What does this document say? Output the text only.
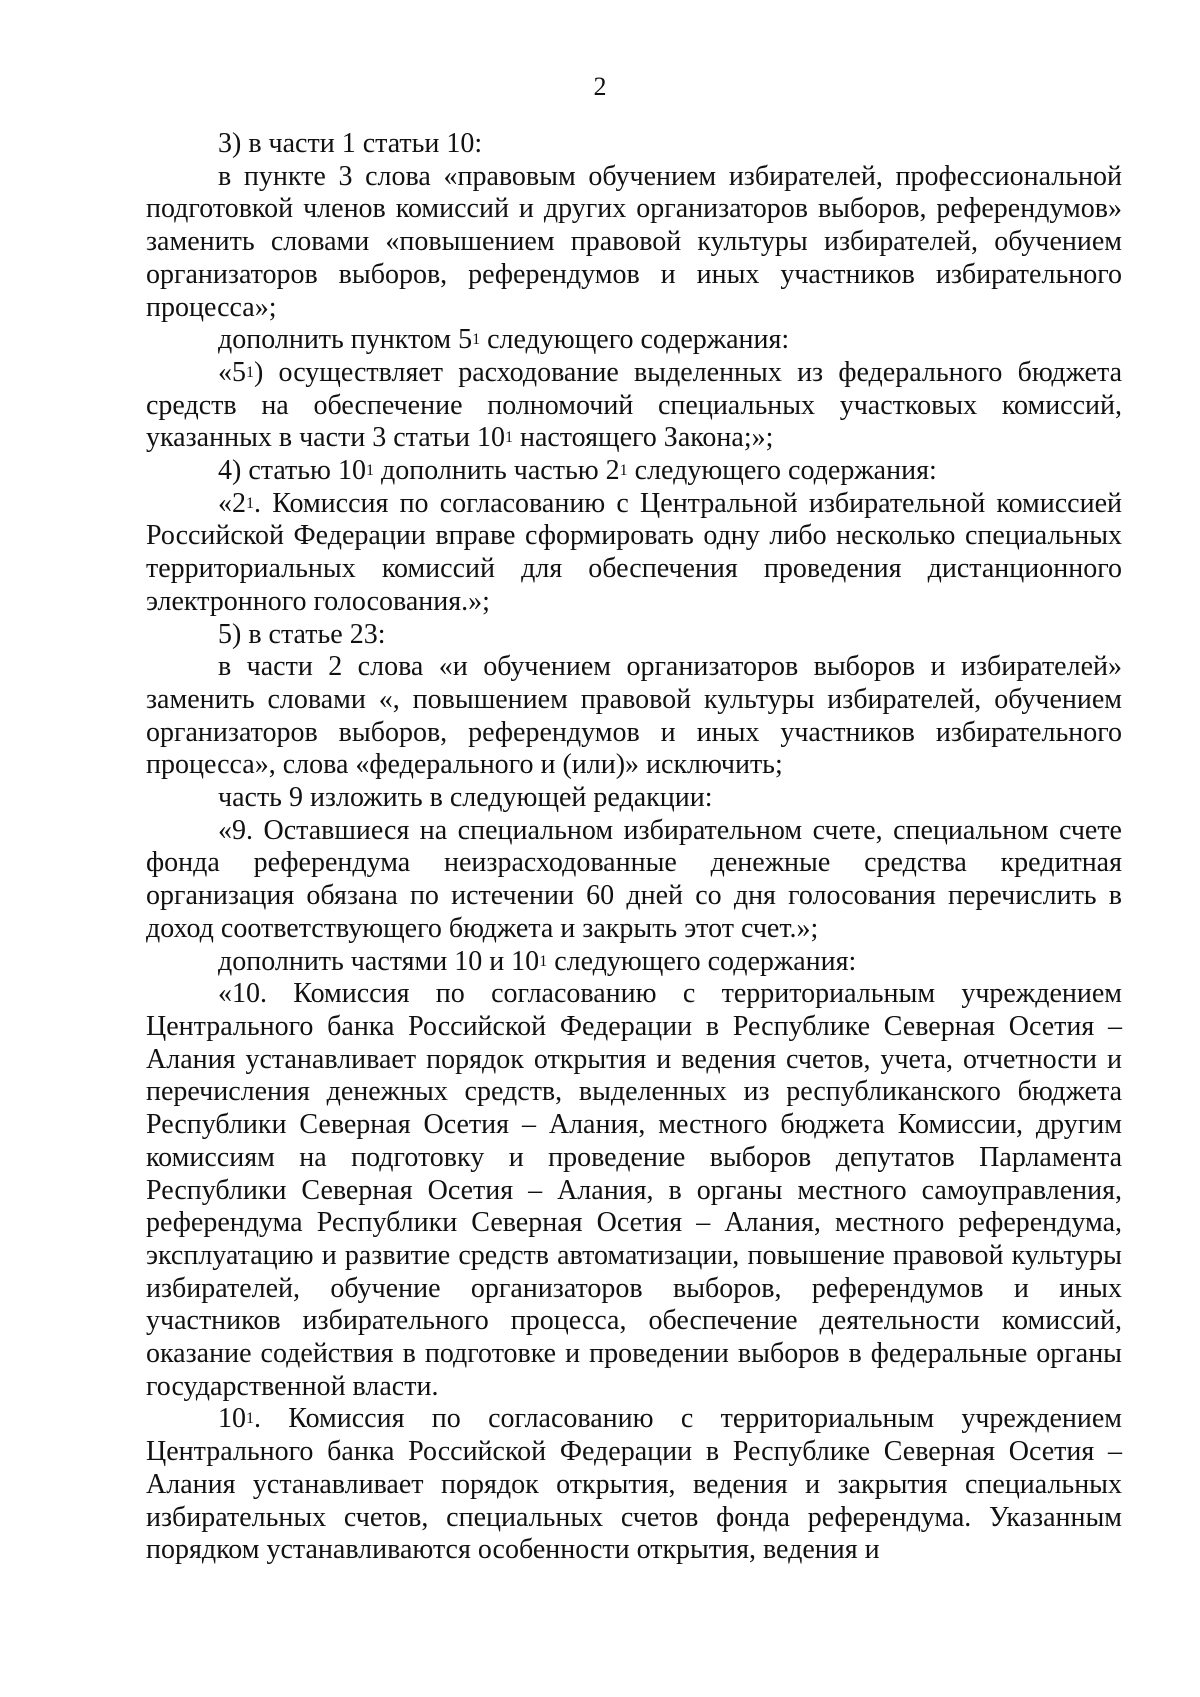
2

3) в части 1 статьи 10:

в пункте 3 слова «правовым обучением избирателей, профессиональной подготовкой членов комиссий и других организаторов выборов, референдумов» заменить словами «повышением правовой культуры избирателей, обучением организаторов выборов, референдумов и иных участников избирательного процесса»;

дополнить пунктом $5^1$ следующего содержания:

«$5^1$) осуществляет расходование выделенных из федерального бюджета средств на обеспечение полномочий специальных участковых комиссий, указанных в части 3 статьи $10^1$ настоящего Закона;»;

4) статью $10^1$ дополнить частью $2^1$ следующего содержания:

«$2^1$. Комиссия по согласованию с Центральной избирательной комиссией Российской Федерации вправе сформировать одну либо несколько специальных территориальных комиссий для обеспечения проведения дистанционного электронного голосования.»;

5) в статье 23:

в части 2 слова «и обучением организаторов выборов и избирателей» заменить словами «, повышением правовой культуры избирателей, обучением организаторов выборов, референдумов и иных участников избирательного процесса», слова «федерального и (или)» исключить;

часть 9 изложить в следующей редакции:

«9. Оставшиеся на специальном избирательном счете, специальном счете фонда референдума неизрасходованные денежные средства кредитная организация обязана по истечении 60 дней со дня голосования перечислить в доход соответствующего бюджета и закрыть этот счет.»;

дополнить частями 10 и $10^1$ следующего содержания:

«10. Комиссия по согласованию с территориальным учреждением Центрального банка Российской Федерации в Республике Северная Осетия – Алания устанавливает порядок открытия и ведения счетов, учета, отчетности и перечисления денежных средств, выделенных из республиканского бюджета Республики Северная Осетия – Алания, местного бюджета Комиссии, другим комиссиям на подготовку и проведение выборов депутатов Парламента Республики Северная Осетия – Алания, в органы местного самоуправления, референдума Республики Северная Осетия – Алания, местного референдума, эксплуатацию и развитие средств автоматизации, повышение правовой культуры избирателей, обучение организаторов выборов, референдумов и иных участников избирательного процесса, обеспечение деятельности комиссий, оказание содействия в подготовке и проведении выборов в федеральные органы государственной власти.

$10^1$. Комиссия по согласованию с территориальным учреждением Центрального банка Российской Федерации в Республике Северная Осетия – Алания устанавливает порядок открытия, ведения и закрытия специальных избирательных счетов, специальных счетов фонда референдума. Указанным порядком устанавливаются особенности открытия, ведения и
